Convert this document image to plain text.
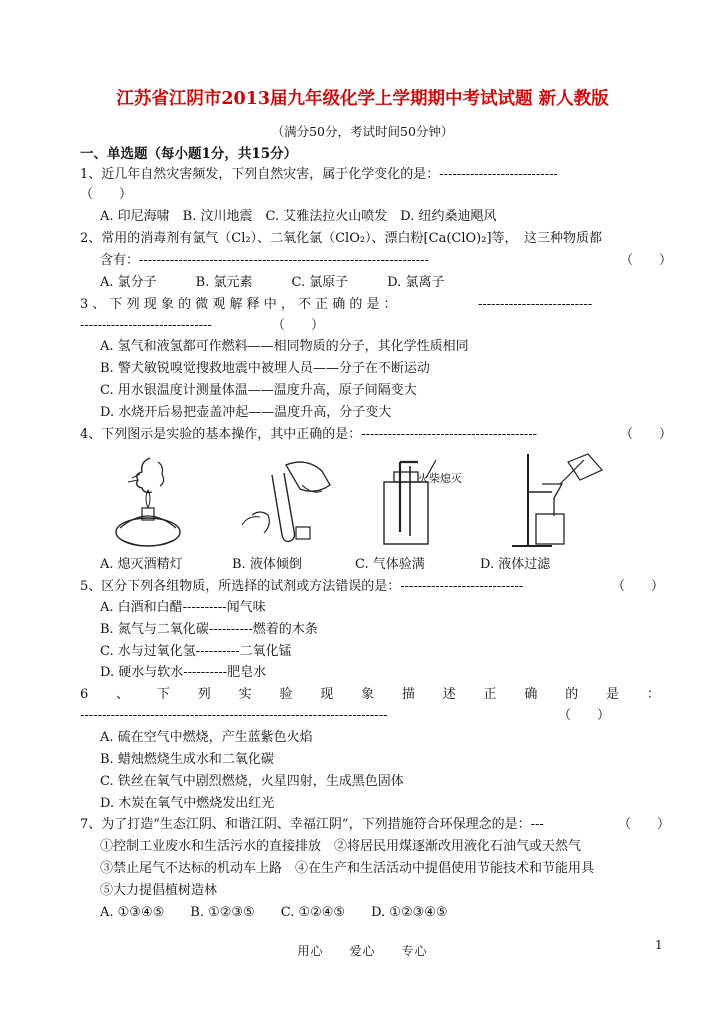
江苏省江阴市2013届九年级化学上学期期中考试试题 新人教版
（满分50分，考试时间50分钟）
一、单选题（每小题1分，共15分）
1、近几年自然灾害频发，下列自然灾害，属于化学变化的是：---------------------------
（　　）
A. 印尼海啸　B. 汶川地震　C. 艾雅法拉火山喷发　D. 纽约桑迪飓风
2、常用的消毒剂有氯气（Cl₂）、二氧化氯（ClO₂）、漂白粉[Ca(ClO)₂]等，　这三种物质都
含有：------------------------------------------------------------------	（　　）
A. 氯分子　　　B. 氯元素　　　C. 氯原子　　　D. 氯离子
3 、 下 列 现 象 的 微 观 解 释 中 ， 不 正 确 的 是 ：	--------------------------
------------------------------	（　　）
A. 氢气和液氢都可作燃料——相同物质的分子，其化学性质相同
B. 警犬敏锐嗅觉搜救地震中被埋人员——分子在不断运动
C. 用水银温度计测量体温——温度升高，原子间隔变大
D. 水烧开后易把壶盖冲起——温度升高，分子变大
4、下列图示是实验的基本操作，其中正确的是：----------------------------------------	（　　）
火柴熄灭
A. 熄灭酒精灯	B. 液体倾倒	C. 气体验满	D. 液体过滤
5、区分下列各组物质，所选择的试剂或方法错误的是：----------------------------	（　　）
A. 白酒和白醋----------闻气味
B. 氮气与二氧化碳----------燃着的木条
C. 水与过氧化氢----------二氧化锰
D. 硬水与软水----------肥皂水
6 、 下 列 实 验 现 象 描 述 正 确 的 是 ：
----------------------------------------------------------------------	（　　）
A. 硫在空气中燃烧，产生蓝紫色火焰
B. 蜡烛燃烧生成水和二氧化碳
C. 铁丝在氧气中剧烈燃烧，火星四射，生成黑色固体
D. 木炭在氧气中燃烧发出红光
7、为了打造“生态江阴、和谐江阴、幸福江阴”，下列措施符合环保理念的是：---	（　　）
①控制工业废水和生活污水的直接排放　②将居民用煤逐渐改用液化石油气或天然气
③禁止尾气不达标的机动车上路　④在生产和生活活动中提倡使用节能技术和节能用具
⑤大力提倡植树造林
A. ①③④⑤　　B. ①②③⑤　　C. ①②④⑤　　D. ①②③④⑤
用心　　爱心　　专心	1
